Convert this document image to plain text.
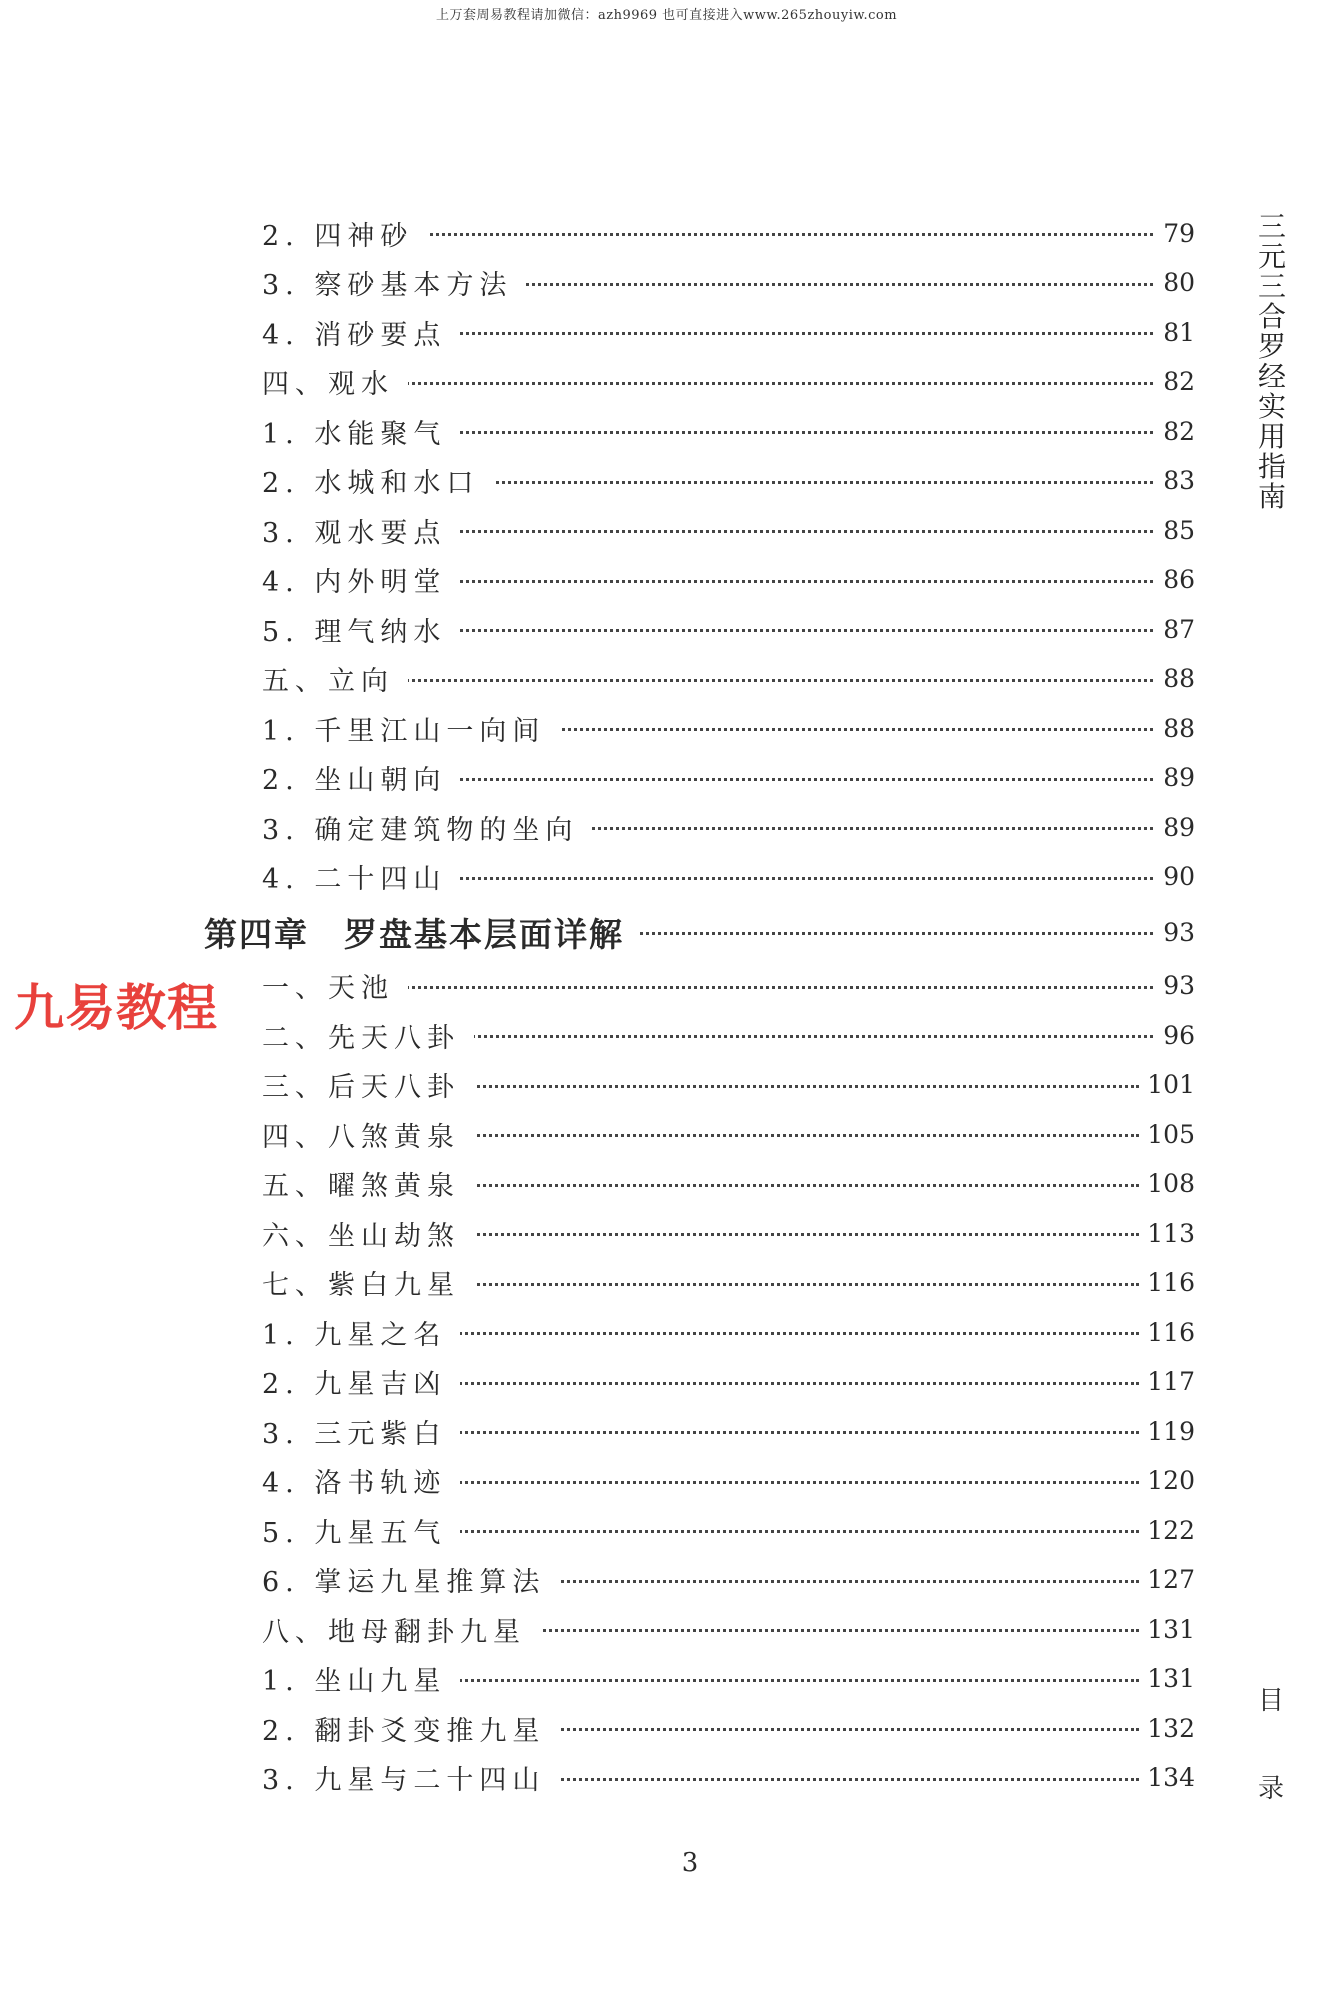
上万套周易教程请加微信：azh9969 也可直接进入www.265zhouyiw.com
三
元
三
合
罗
经
实
用
指
南
目
录
九易教程
2. 四神砂	79
3. 察砂基本方法	80
4. 消砂要点	81
四、观水	82
1. 水能聚气	82
2. 水城和水口	83
3. 观水要点	85
4. 内外明堂	86
5. 理气纳水	87
五、立向	88
1. 千里江山一向间	88
2. 坐山朝向	89
3. 确定建筑物的坐向	89
4. 二十四山	90
第四章　罗盘基本层面详解	93
一、天池	93
二、先天八卦	96
三、后天八卦	101
四、八煞黄泉	105
五、曜煞黄泉	108
六、坐山劫煞	113
七、紫白九星	116
1. 九星之名	116
2. 九星吉凶	117
3. 三元紫白	119
4. 洛书轨迹	120
5. 九星五气	122
6. 掌运九星推算法	127
八、地母翻卦九星	131
1. 坐山九星	131
2. 翻卦爻变推九星	132
3. 九星与二十四山	134
3
